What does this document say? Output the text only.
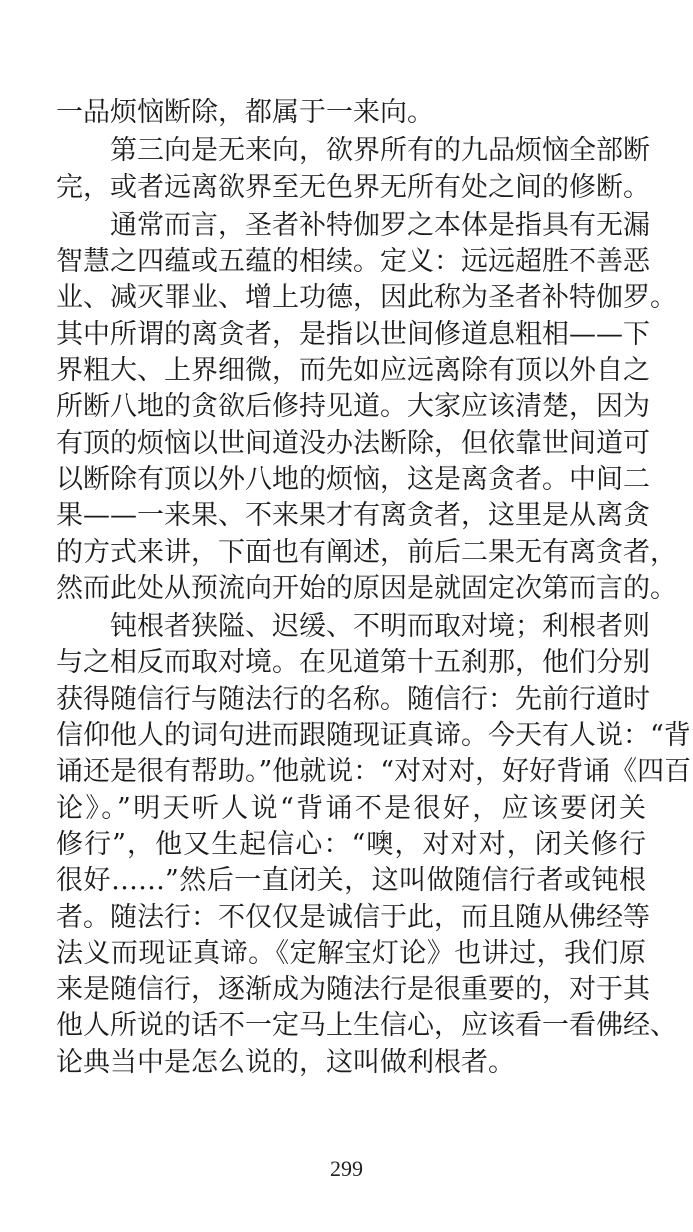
一品烦恼断除，都属于一来向。
第三向是无来向，欲界所有的九品烦恼全部断
完，或者远离欲界至无色界无所有处之间的修断。
通常而言，圣者补特伽罗之本体是指具有无漏
智慧之四蕴或五蕴的相续。定义：远远超胜不善恶
业、减灭罪业、增上功德，因此称为圣者补特伽罗。
其中所谓的离贪者，是指以世间修道息粗相——下
界粗大、上界细微，而先如应远离除有顶以外自之
所断八地的贪欲后修持见道。大家应该清楚，因为
有顶的烦恼以世间道没办法断除，但依靠世间道可
以断除有顶以外八地的烦恼，这是离贪者。中间二
果——一来果、不来果才有离贪者，这里是从离贪
的方式来讲，下面也有阐述，前后二果无有离贪者，
然而此处从预流向开始的原因是就固定次第而言的。
钝根者狭隘、迟缓、不明而取对境；利根者则
与之相反而取对境。在见道第十五刹那，他们分别
获得随信行与随法行的名称。随信行：先前行道时
信仰他人的词句进而跟随现证真谛。今天有人说：“背
诵还是很有帮助。”他就说：“对对对，好好背诵《四百
论》。”明天听人说“背诵不是很好，应该要闭关
修行”，他又生起信心：“噢，对对对，闭关修行
很好……”然后一直闭关，这叫做随信行者或钝根
者。随法行：不仅仅是诚信于此，而且随从佛经等
法义而现证真谛。《定解宝灯论》也讲过，我们原
来是随信行，逐渐成为随法行是很重要的，对于其
他人所说的话不一定马上生信心，应该看一看佛经、
论典当中是怎么说的，这叫做利根者。
299
